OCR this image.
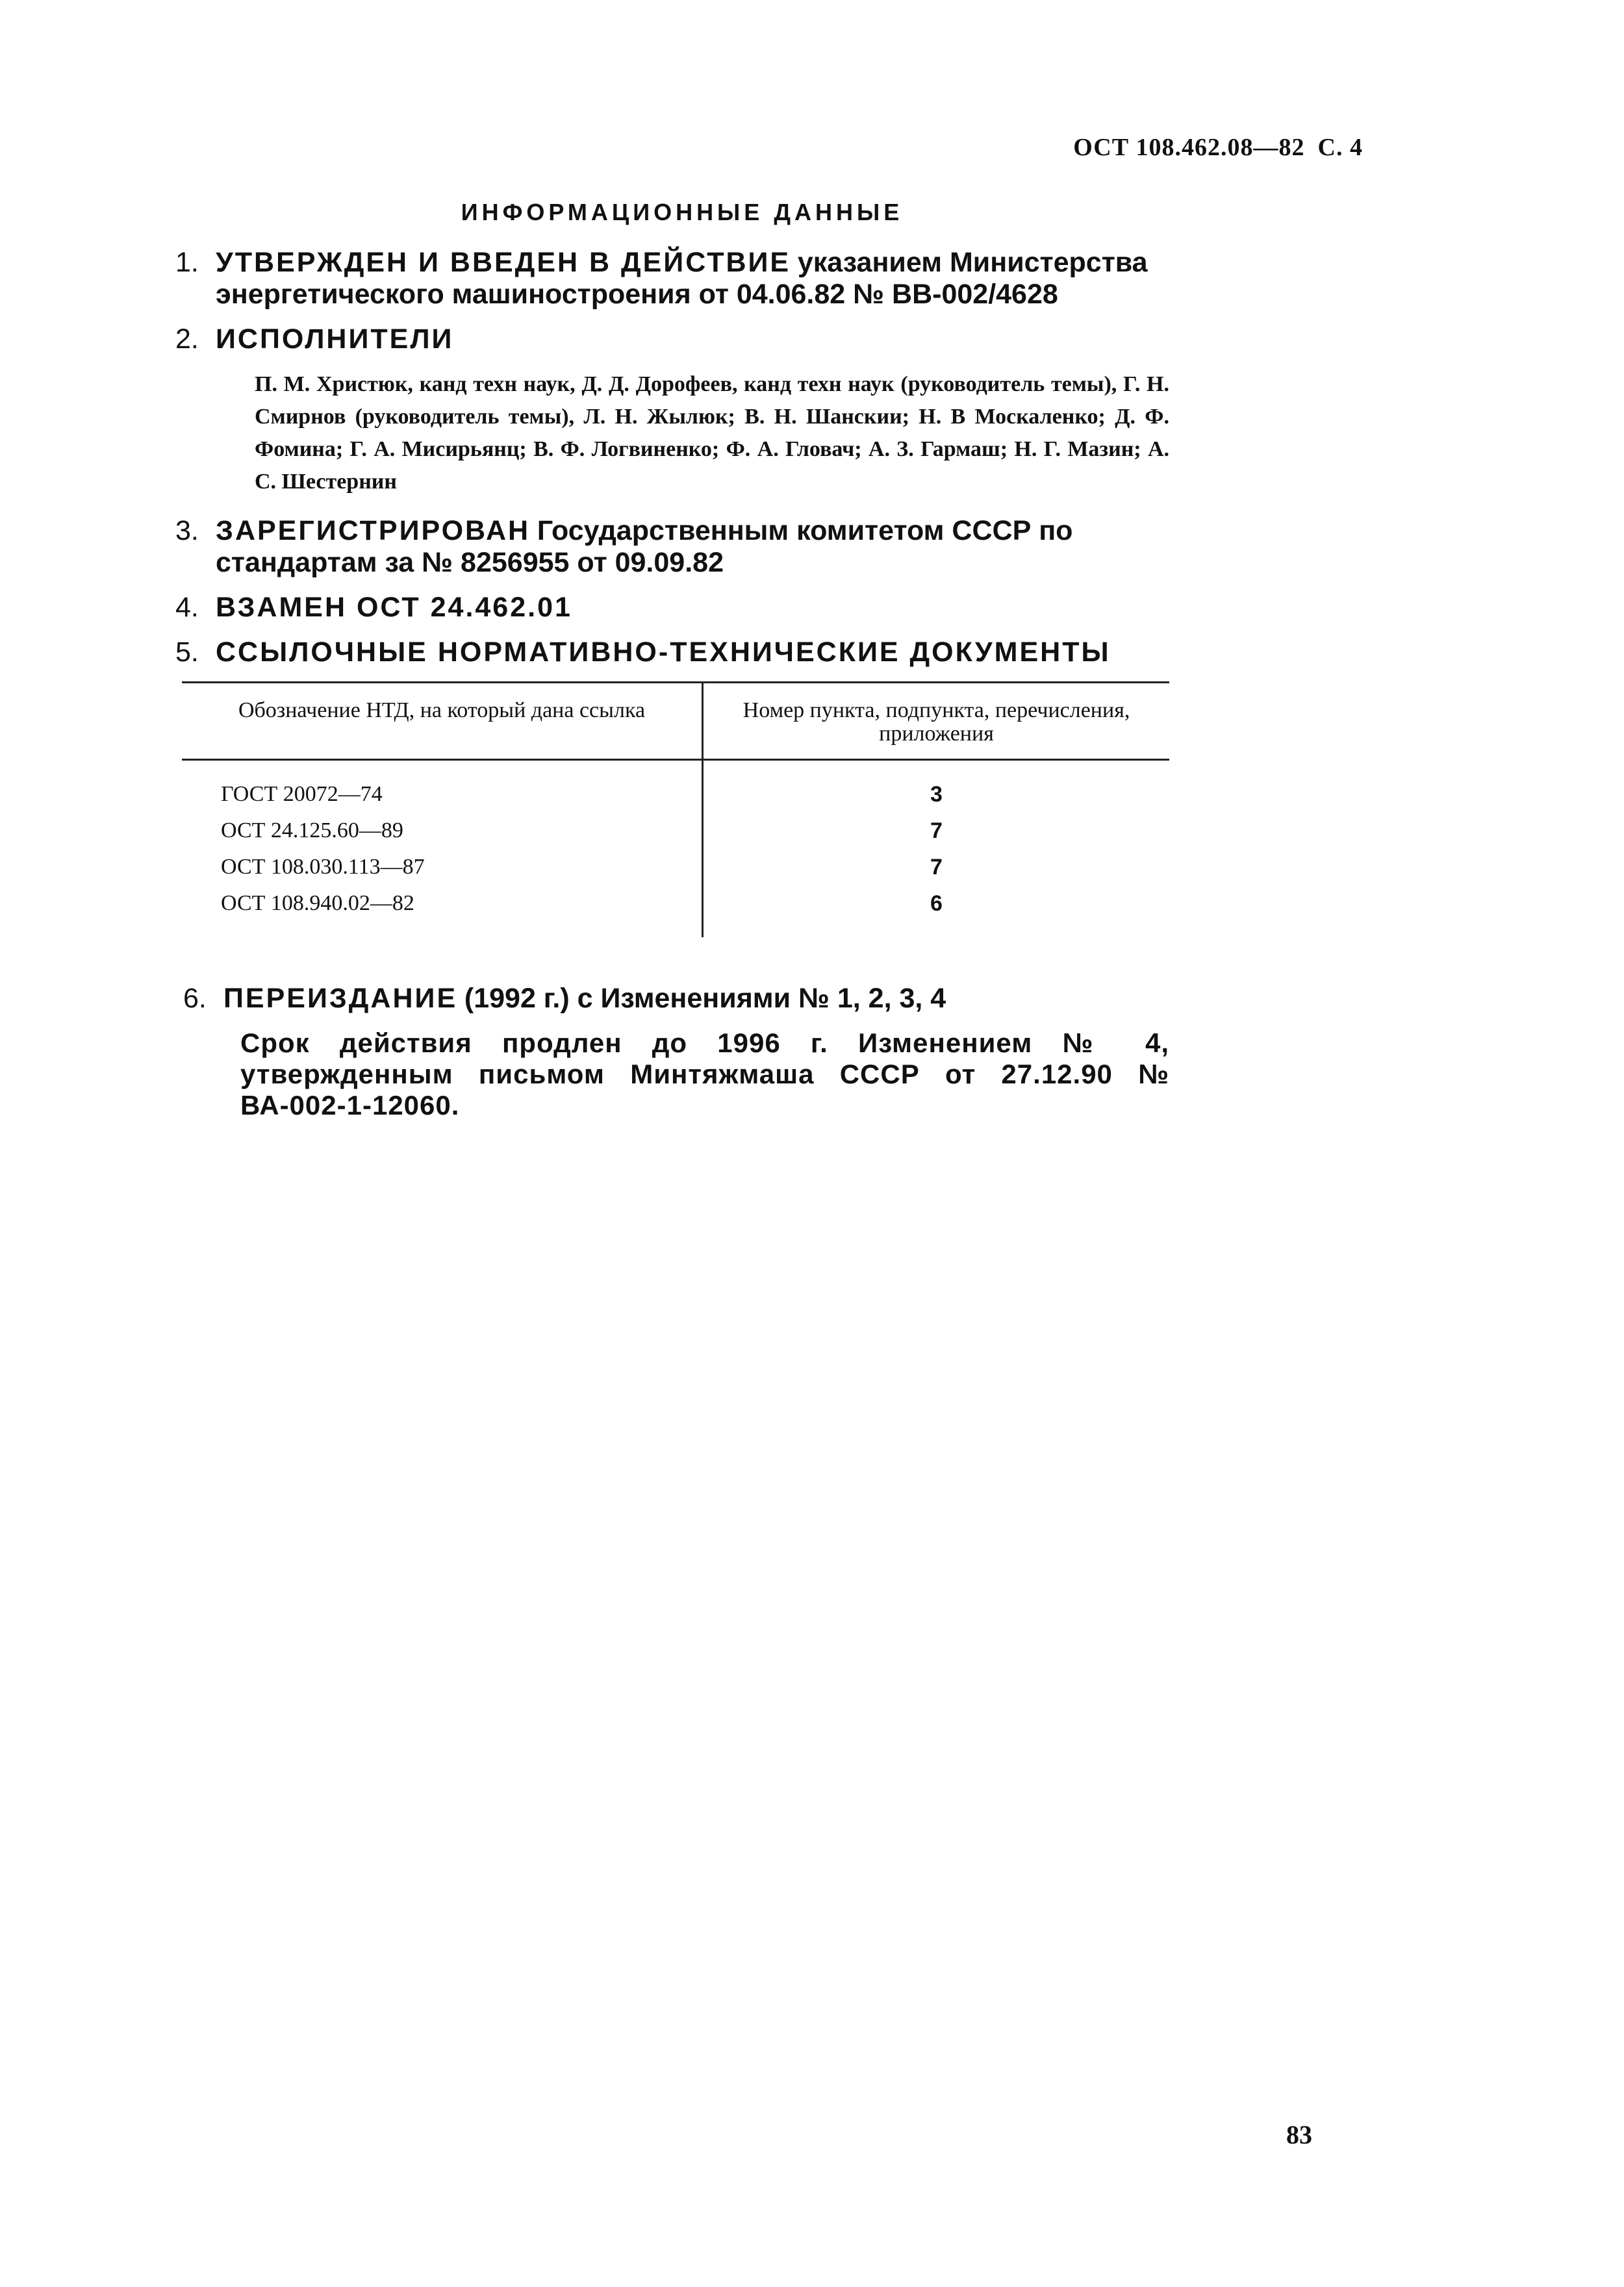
ОСТ 108.462.08—82 С. 4
ИНФОРМАЦИОННЫЕ ДАННЫЕ
1. УТВЕРЖДЕН И ВВЕДЕН В ДЕЙСТВИЕ указанием Министерства энергетического машиностроения от 04.06.82 № ВВ-002/4628
2. ИСПОЛНИТЕЛИ
П. М. Христюк, канд техн наук, Д. Д. Дорофеев, канд техн наук (руководитель темы), Г. Н. Смирнов (руководитель темы), Л. Н. Жылюк; В. Н. Шанскии; Н. В Москаленко; Д. Ф. Фомина; Г. А. Мисирьянц; В. Ф. Логвиненко; Ф. А. Гловач; А. З. Гармаш; Н. Г. Мазин; А. С. Шестернин
3. ЗАРЕГИСТРИРОВАН Государственным комитетом СССР по стандартам за № 8256955 от 09.09.82
4. ВЗАМЕН ОСТ 24.462.01
5. ССЫЛОЧНЫЕ НОРМАТИВНО-ТЕХНИЧЕСКИЕ ДОКУМЕНТЫ
Обозначение НТД, на который дана ссылка	Номер пункта, подпункта, перечисления, приложения
ГОСТ 20072—74	3
ОСТ 24.125.60—89	7
ОСТ 108.030.113—87	7
ОСТ 108.940.02—82	6
6. ПЕРЕИЗДАНИЕ (1992 г.) с Изменениями № 1, 2, 3, 4
Срок действия продлен до 1996 г. Изменением № 4, утвержденным письмом Минтяжмаша СССР от 27.12.90 № ВА-002-1-12060.
83
